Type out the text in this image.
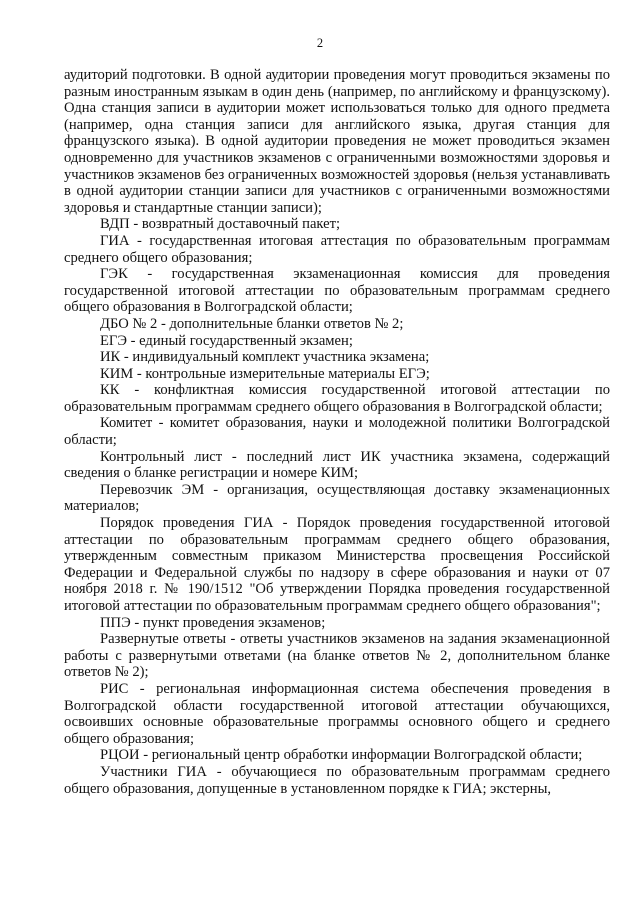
2

аудиторий подготовки. В одной аудитории проведения могут проводиться экзамены по разным иностранным языкам в один день (например, по английскому и французскому). Одна станция записи в аудитории может использоваться только для одного предмета (например, одна станция записи для английского языка, другая станция для французского языка). В одной аудитории проведения не может проводиться экзамен одновременно для участников экзаменов с ограниченными возможностями здоровья и участников экзаменов без ограниченных возможностей здоровья (нельзя устанавливать в одной аудитории станции записи для участников с ограниченными возможностями здоровья и стандартные станции записи);

ВДП - возвратный доставочный пакет;

ГИА - государственная итоговая аттестация по образовательным программам среднего общего образования;

ГЭК - государственная экзаменационная комиссия для проведения государственной итоговой аттестации по образовательным программам среднего общего образования в Волгоградской области;

ДБО № 2 - дополнительные бланки ответов № 2;

ЕГЭ - единый государственный экзамен;

ИК - индивидуальный комплект участника экзамена;

КИМ - контрольные измерительные материалы ЕГЭ;

КК - конфликтная комиссия государственной итоговой аттестации по образовательным программам среднего общего образования в Волгоградской области;

Комитет - комитет образования, науки и молодежной политики Волгоградской области;

Контрольный лист - последний лист ИК участника экзамена, содержащий сведения о бланке регистрации и номере КИМ;

Перевозчик ЭМ - организация, осуществляющая доставку экзаменационных материалов;

Порядок проведения ГИА - Порядок проведения государственной итоговой аттестации по образовательным программам среднего общего образования, утвержденным совместным приказом Министерства просвещения Российской Федерации и Федеральной службы по надзору в сфере образования и науки от 07 ноября 2018 г. № 190/1512 "Об утверждении Порядка проведения государственной итоговой аттестации по образовательным программам среднего общего образования";

ППЭ - пункт проведения экзаменов;

Развернутые ответы - ответы участников экзаменов на задания экзаменационной работы с развернутыми ответами (на бланке ответов № 2, дополнительном бланке ответов № 2);

РИС - региональная информационная система обеспечения проведения в Волгоградской области государственной итоговой аттестации обучающихся, освоивших основные образовательные программы основного общего и среднего общего образования;

РЦОИ - региональный центр обработки информации Волгоградской области;

Участники ГИА - обучающиеся по образовательным программам среднего общего образования, допущенные в установленном порядке к ГИА; экстерны,
